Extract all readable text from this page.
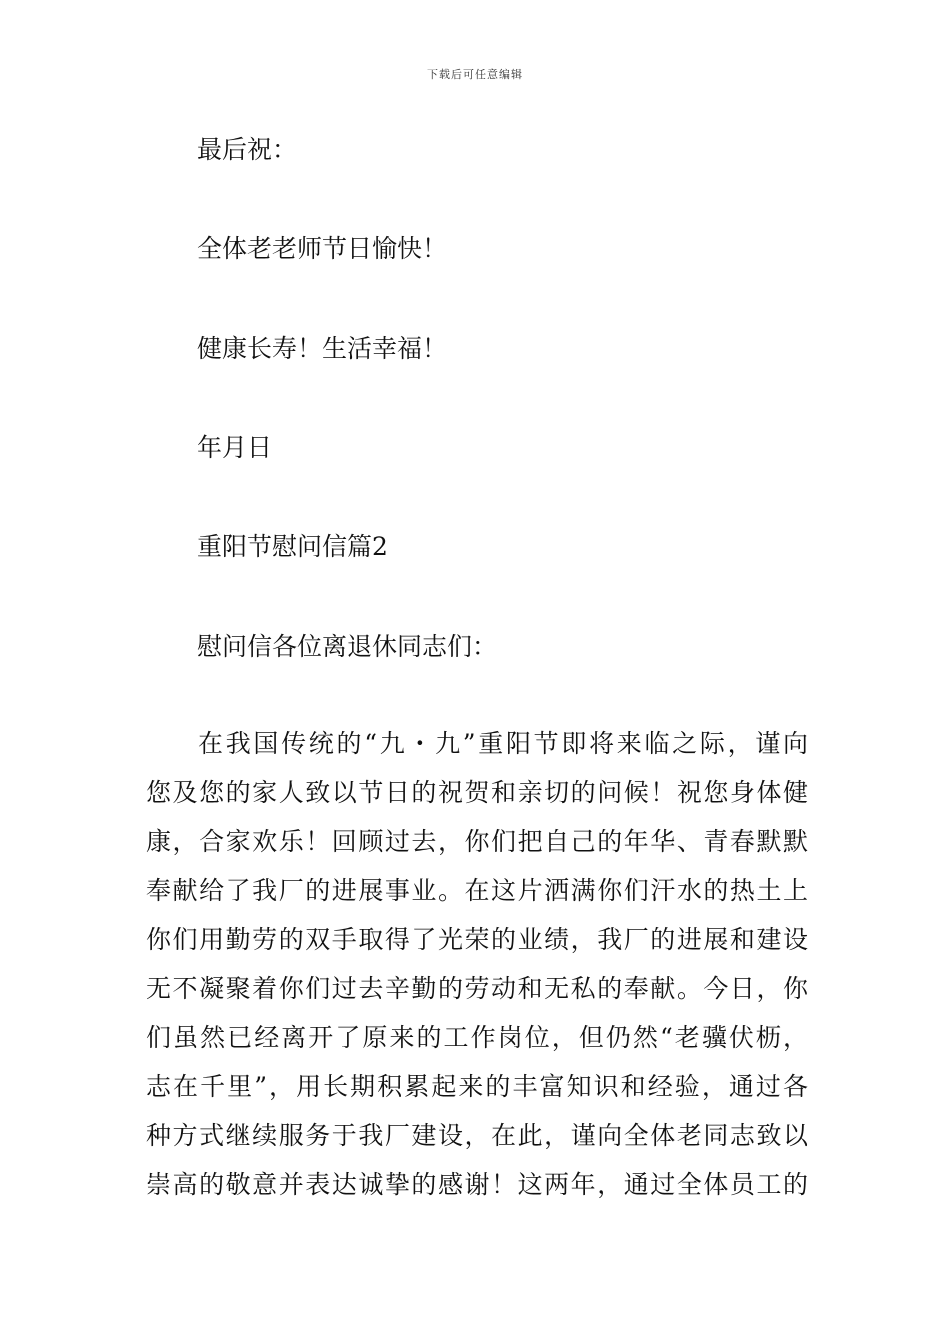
下载后可任意编辑
最后祝：
全体老老师节日愉快！
健康长寿！生活幸福！
年月日
重阳节慰问信篇2
慰问信各位离退休同志们：
在我国传统的“九・九”重阳节即将来临之际，谨向
您及您的家人致以节日的祝贺和亲切的问候！祝您身体健
康，合家欢乐！回顾过去，你们把自己的年华、青春默默
奉献给了我厂的进展事业。在这片洒满你们汗水的热土上
你们用勤劳的双手取得了光荣的业绩，我厂的进展和建设
无不凝聚着你们过去辛勤的劳动和无私的奉献。今日，你
们虽然已经离开了原来的工作岗位，但仍然“老骥伏枥，
志在千里”，用长期积累起来的丰富知识和经验，通过各
种方式继续服务于我厂建设，在此，谨向全体老同志致以
崇高的敬意并表达诚挚的感谢！这两年，通过全体员工的
